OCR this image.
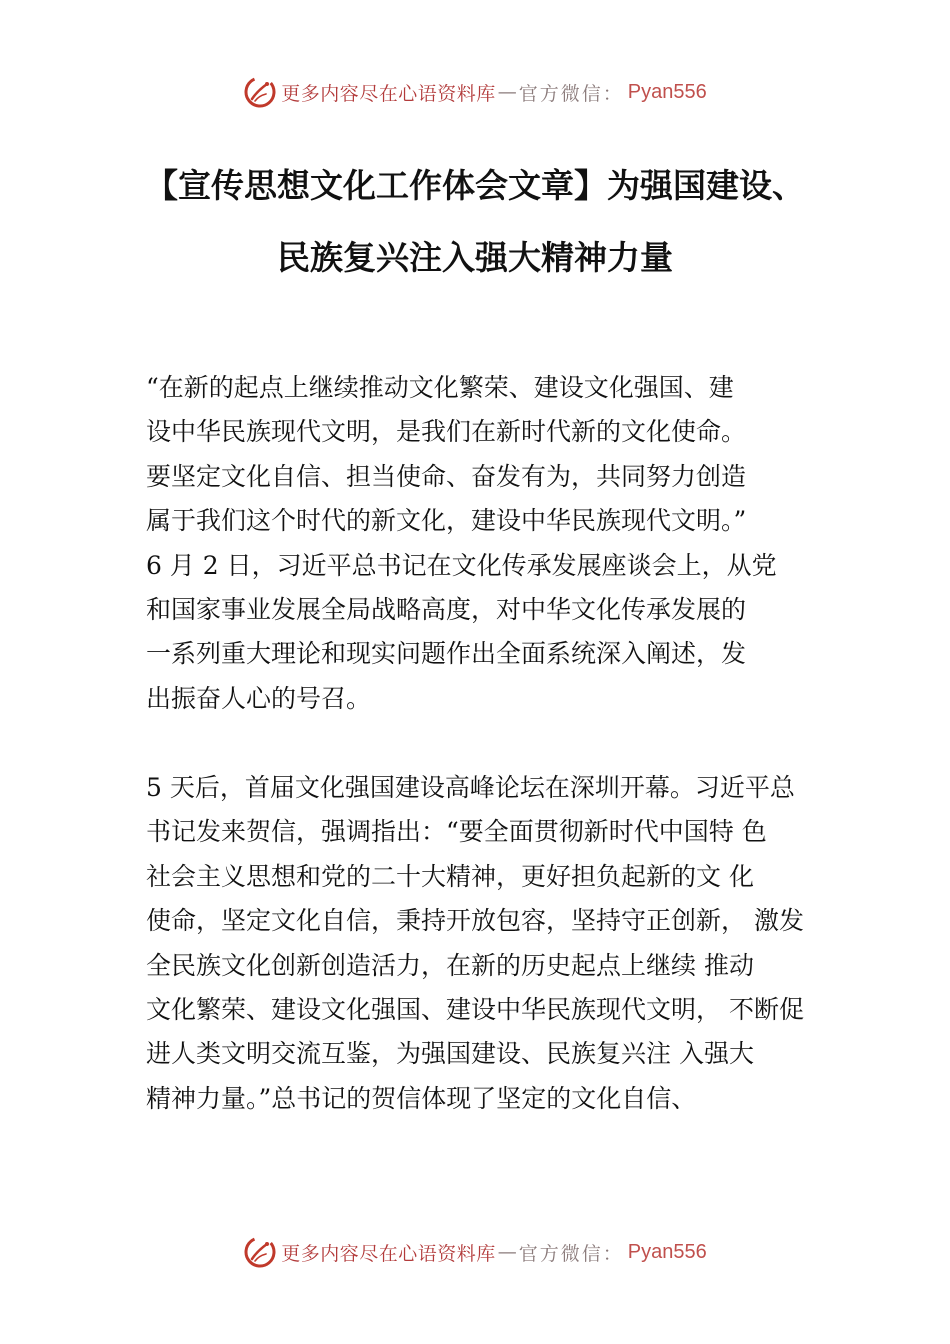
更多内容尽在心语资料库 — 官方微信： Pyan556
【宣传思想文化工作体会文章】为强国建设、
民族复兴注入强大精神力量
“在新的起点上继续推动文化繁荣、建设文化强国、建
设中华民族现代文明，是我们在新时代新的文化使命。
要坚定文化自信、担当使命、奋发有为，共同努力创造
属于我们这个时代的新文化，建设中华民族现代文明。”
6 月 2 日，习近平总书记在文化传承发展座谈会上，从党
和国家事业发展全局战略高度，对中华文化传承发展的
一系列重大理论和现实问题作出全面系统深入阐述，发
出振奋人心的号召。
5 天后，首届文化强国建设高峰论坛在深圳开幕。习近平总
书记发来贺信，强调指出：“要全面贯彻新时代中国特 色
社会主义思想和党的二十大精神，更好担负起新的文 化
使命，坚定文化自信，秉持开放包容，坚持守正创新， 激发
全民族文化创新创造活力，在新的历史起点上继续 推动
文化繁荣、建设文化强国、建设中华民族现代文明， 不断促
进人类文明交流互鉴，为强国建设、民族复兴注 入强大
精神力量。”总书记的贺信体现了坚定的文化自信、
更多内容尽在心语资料库 — 官方微信： Pyan556
